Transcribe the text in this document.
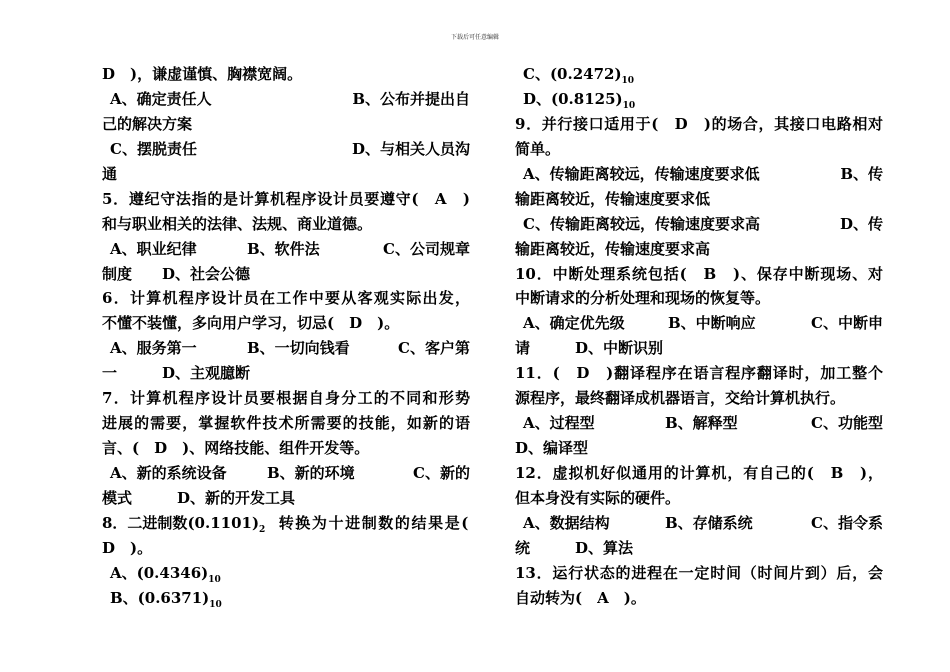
下载后可任意编辑
D　)，谦虚谨慎、胸襟宽阔。
A、确定责任人	B、公布并提出自
己的解决方案
C、摆脱责任	D、与相关人员沟
通
5．遵纪守法指的是计算机程序设计员要遵守(　A　)
和与职业相关的法律、法规、商业道德。
A、职业纪律	B、软件法	C、公司规章
制度　　D、社会公德
6．计算机程序设计员在工作中要从客观实际出发，
不懂不装懂，多向用户学习，切忌(　D　)。
A、服务第一	B、一切向钱看	C、客户第
一　　　D、主观臆断
7．计算机程序设计员要根据自身分工的不同和形势
进展的需要，掌握软件技术所需要的技能，如新的语
言、(　D　)、网络技能、组件开发等。
A、新的系统设备	B、新的环境	C、新的
模式　　　D、新的开发工具
8．二进制数$(0.1101)_2$ 转换为十进制数的结果是(
D　)。
A、$(0.4346)_{10}$
B、$(0.6371)_{10}$
C、$(0.2472)_{10}$
D、$(0.8125)_{10}$
9．并行接口适用于(　D　)的场合，其接口电路相对
简单。
A、传输距离较远，传输速度要求低	B、传
输距离较近，传输速度要求低
C、传输距离较远，传输速度要求高	D、传
输距离较近，传输速度要求高
10．中断处理系统包括(　B　)、保存中断现场、对
中断请求的分析处理和现场的恢复等。
A、确定优先级	B、中断响应	C、中断申
请　　　D、中断识别
11．(　D　)翻译程序在语言程序翻译时，加工整个
源程序，最终翻译成机器语言，交给计算机执行。
A、过程型	B、解释型	C、功能型
D、编译型
12．虚拟机好似通用的计算机，有自己的(　B　)，
但本身没有实际的硬件。
A、数据结构	B、存储系统	C、指令系
统　　　D、算法
13．运行状态的进程在一定时间（时间片到）后，会
自动转为(　A　)。
